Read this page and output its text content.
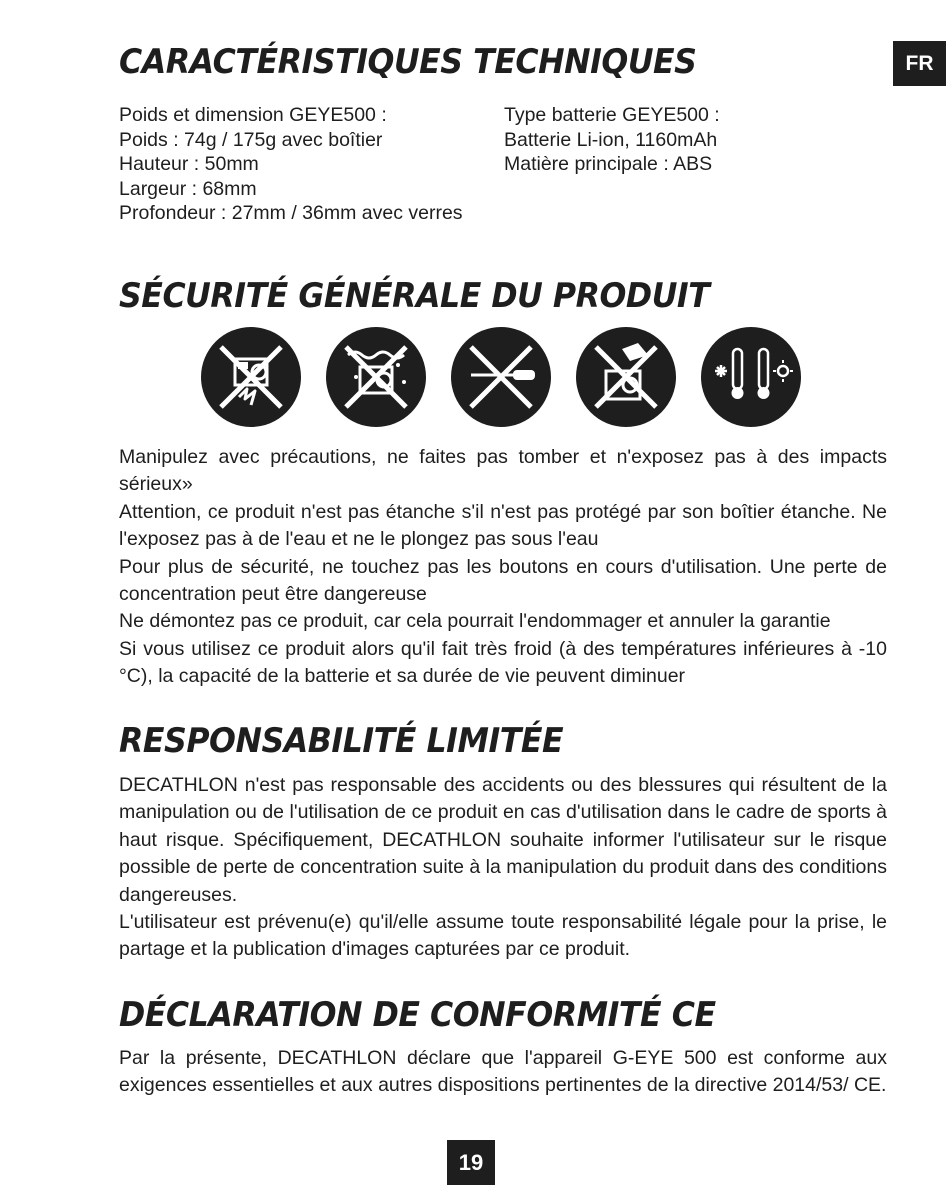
FR
CARACTÉRISTIQUES TECHNIQUES
Poids et dimension GEYE500 :
Poids : 74g / 175g avec boîtier
Hauteur : 50mm
Largeur : 68mm
Profondeur : 27mm / 36mm avec verres
Type batterie GEYE500 :
Batterie Li-ion, 1160mAh
Matière principale : ABS
SÉCURITÉ GÉNÉRALE DU PRODUIT

Manipulez avec précautions, ne faites pas tomber et n'exposez pas à des impacts sérieux»

Attention, ce produit n'est pas étanche s'il n'est pas protégé par son boîtier étanche. Ne l'exposez pas à de l'eau et ne le plongez pas sous l'eau

Pour plus de sécurité, ne touchez pas les boutons en cours d'utilisation. Une perte de concentration peut être dangereuse

Ne démontez pas ce produit, car cela pourrait l'endommager et annuler la garantie

Si vous utilisez ce produit alors qu'il fait très froid (à des températures inférieures à -10 °C), la capacité de la batterie et sa durée de vie peuvent diminuer

RESPONSABILITÉ LIMITÉE

DECATHLON n'est pas responsable des accidents ou des blessures qui résultent de la manipulation ou de l'utilisation de ce produit en cas d'utilisation dans le cadre de sports à haut risque. Spécifiquement, DECATHLON souhaite informer l'utilisateur sur le risque possible de perte de concentration suite à la manipulation du produit dans des conditions dangereuses.

L'utilisateur est prévenu(e) qu'il/elle assume toute responsabilité légale pour la prise, le partage et la publication d'images capturées par ce produit.

DÉCLARATION DE CONFORMITÉ CE

Par la présente, DECATHLON déclare que l'appareil G-EYE 500 est conforme aux exigences essentielles et aux autres dispositions pertinentes de la directive 2014/53/ CE.

19
